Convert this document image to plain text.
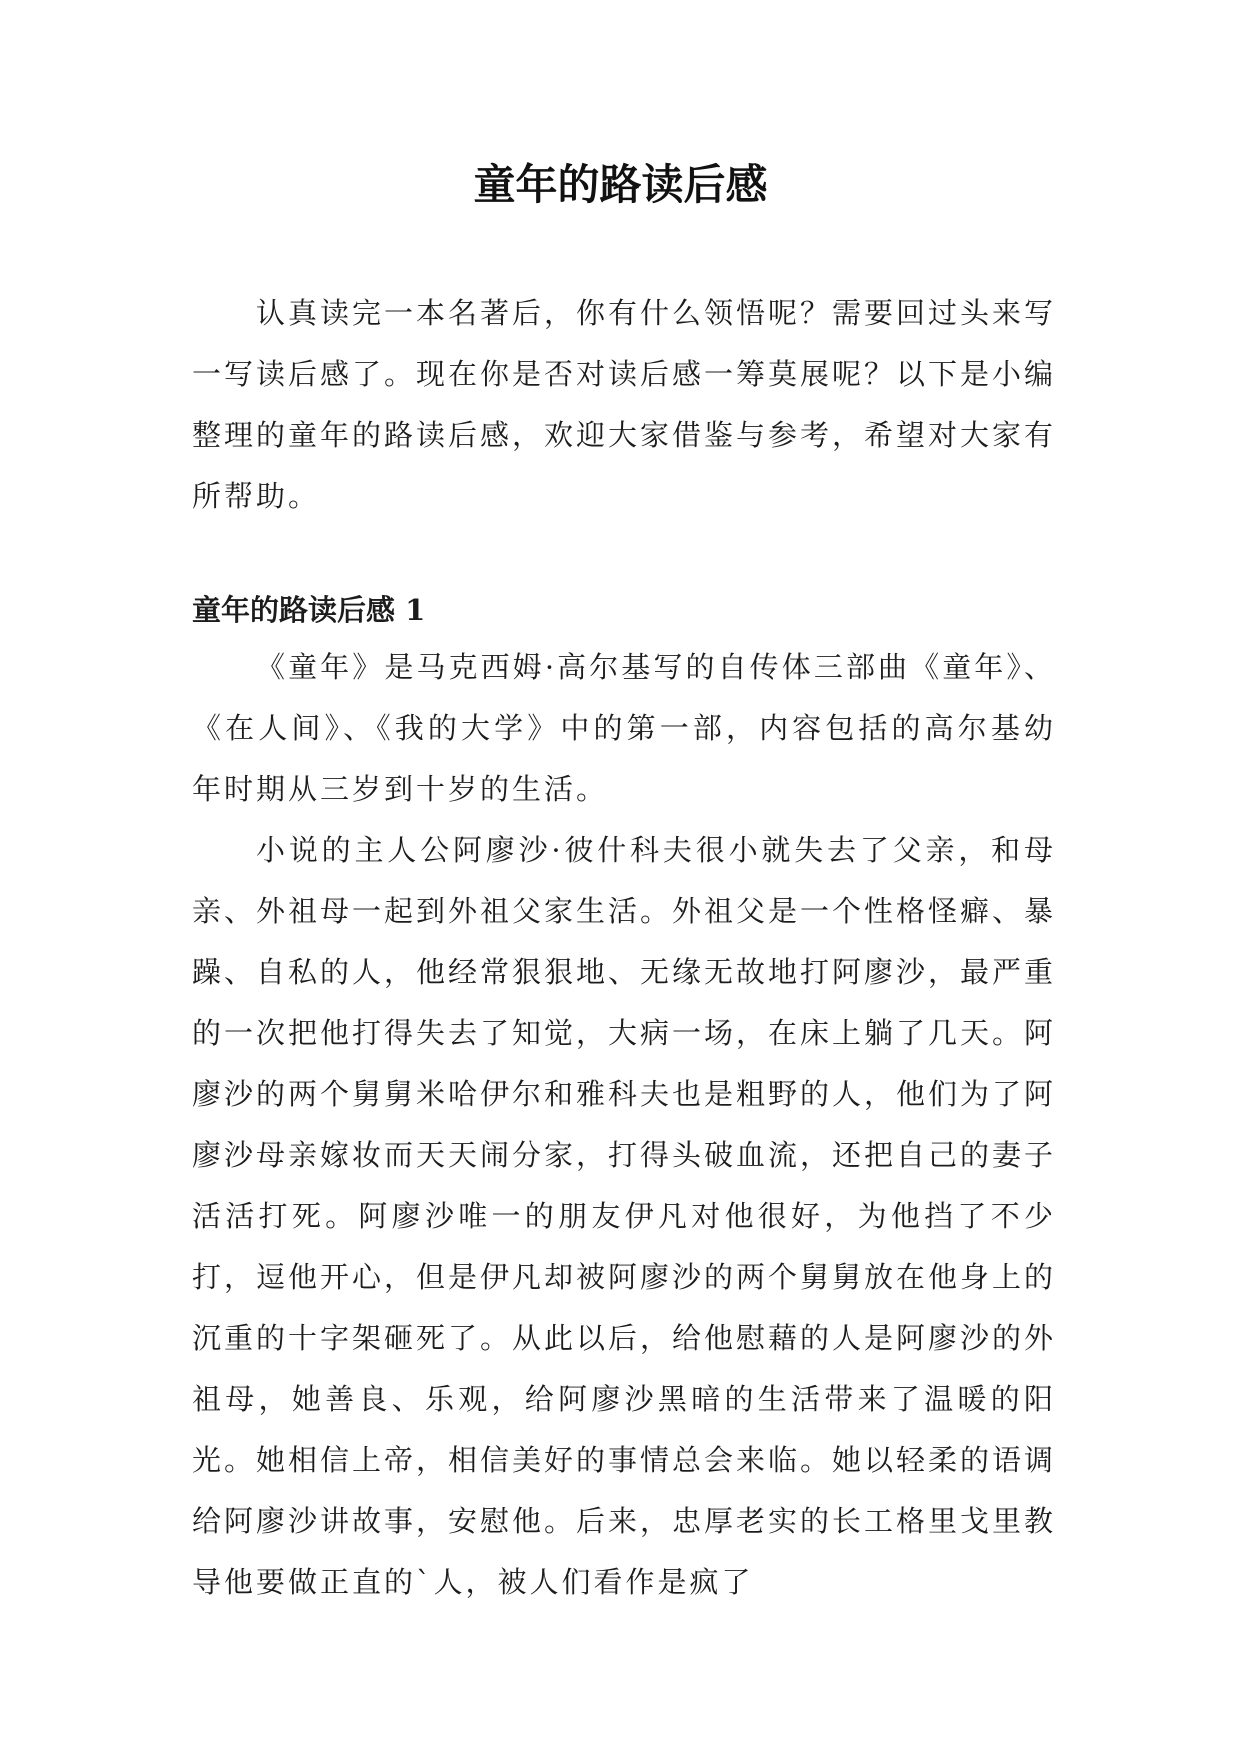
童年的路读后感

认真读完一本名著后，你有什么领悟呢？需要回过头来写一写读后感了。现在你是否对读后感一筹莫展呢？以下是小编整理的童年的路读后感，欢迎大家借鉴与参考，希望对大家有所帮助。

童年的路读后感 1

《童年》是马克西姆·高尔基写的自传体三部曲《童年》、《在人间》、《我的大学》中的第一部，内容包括的高尔基幼年时期从三岁到十岁的生活。

小说的主人公阿廖沙·彼什科夫很小就失去了父亲，和母亲、外祖母一起到外祖父家生活。外祖父是一个性格怪癖、暴躁、自私的人，他经常狠狠地、无缘无故地打阿廖沙，最严重的一次把他打得失去了知觉，大病一场，在床上躺了几天。阿廖沙的两个舅舅米哈伊尔和雅科夫也是粗野的人，他们为了阿廖沙母亲嫁妆而天天闹分家，打得头破血流，还把自己的妻子活活打死。阿廖沙唯一的朋友伊凡对他很好，为他挡了不少打，逗他开心，但是伊凡却被阿廖沙的两个舅舅放在他身上的沉重的十字架砸死了。从此以后，给他慰藉的人是阿廖沙的外祖母，她善良、乐观，给阿廖沙黑暗的生活带来了温暖的阳光。她相信上帝，相信美好的事情总会来临。她以轻柔的语调给阿廖沙讲故事，安慰他。后来，忠厚老实的长工格里戈里教导他要做正直的`人，被人们看作是疯了
